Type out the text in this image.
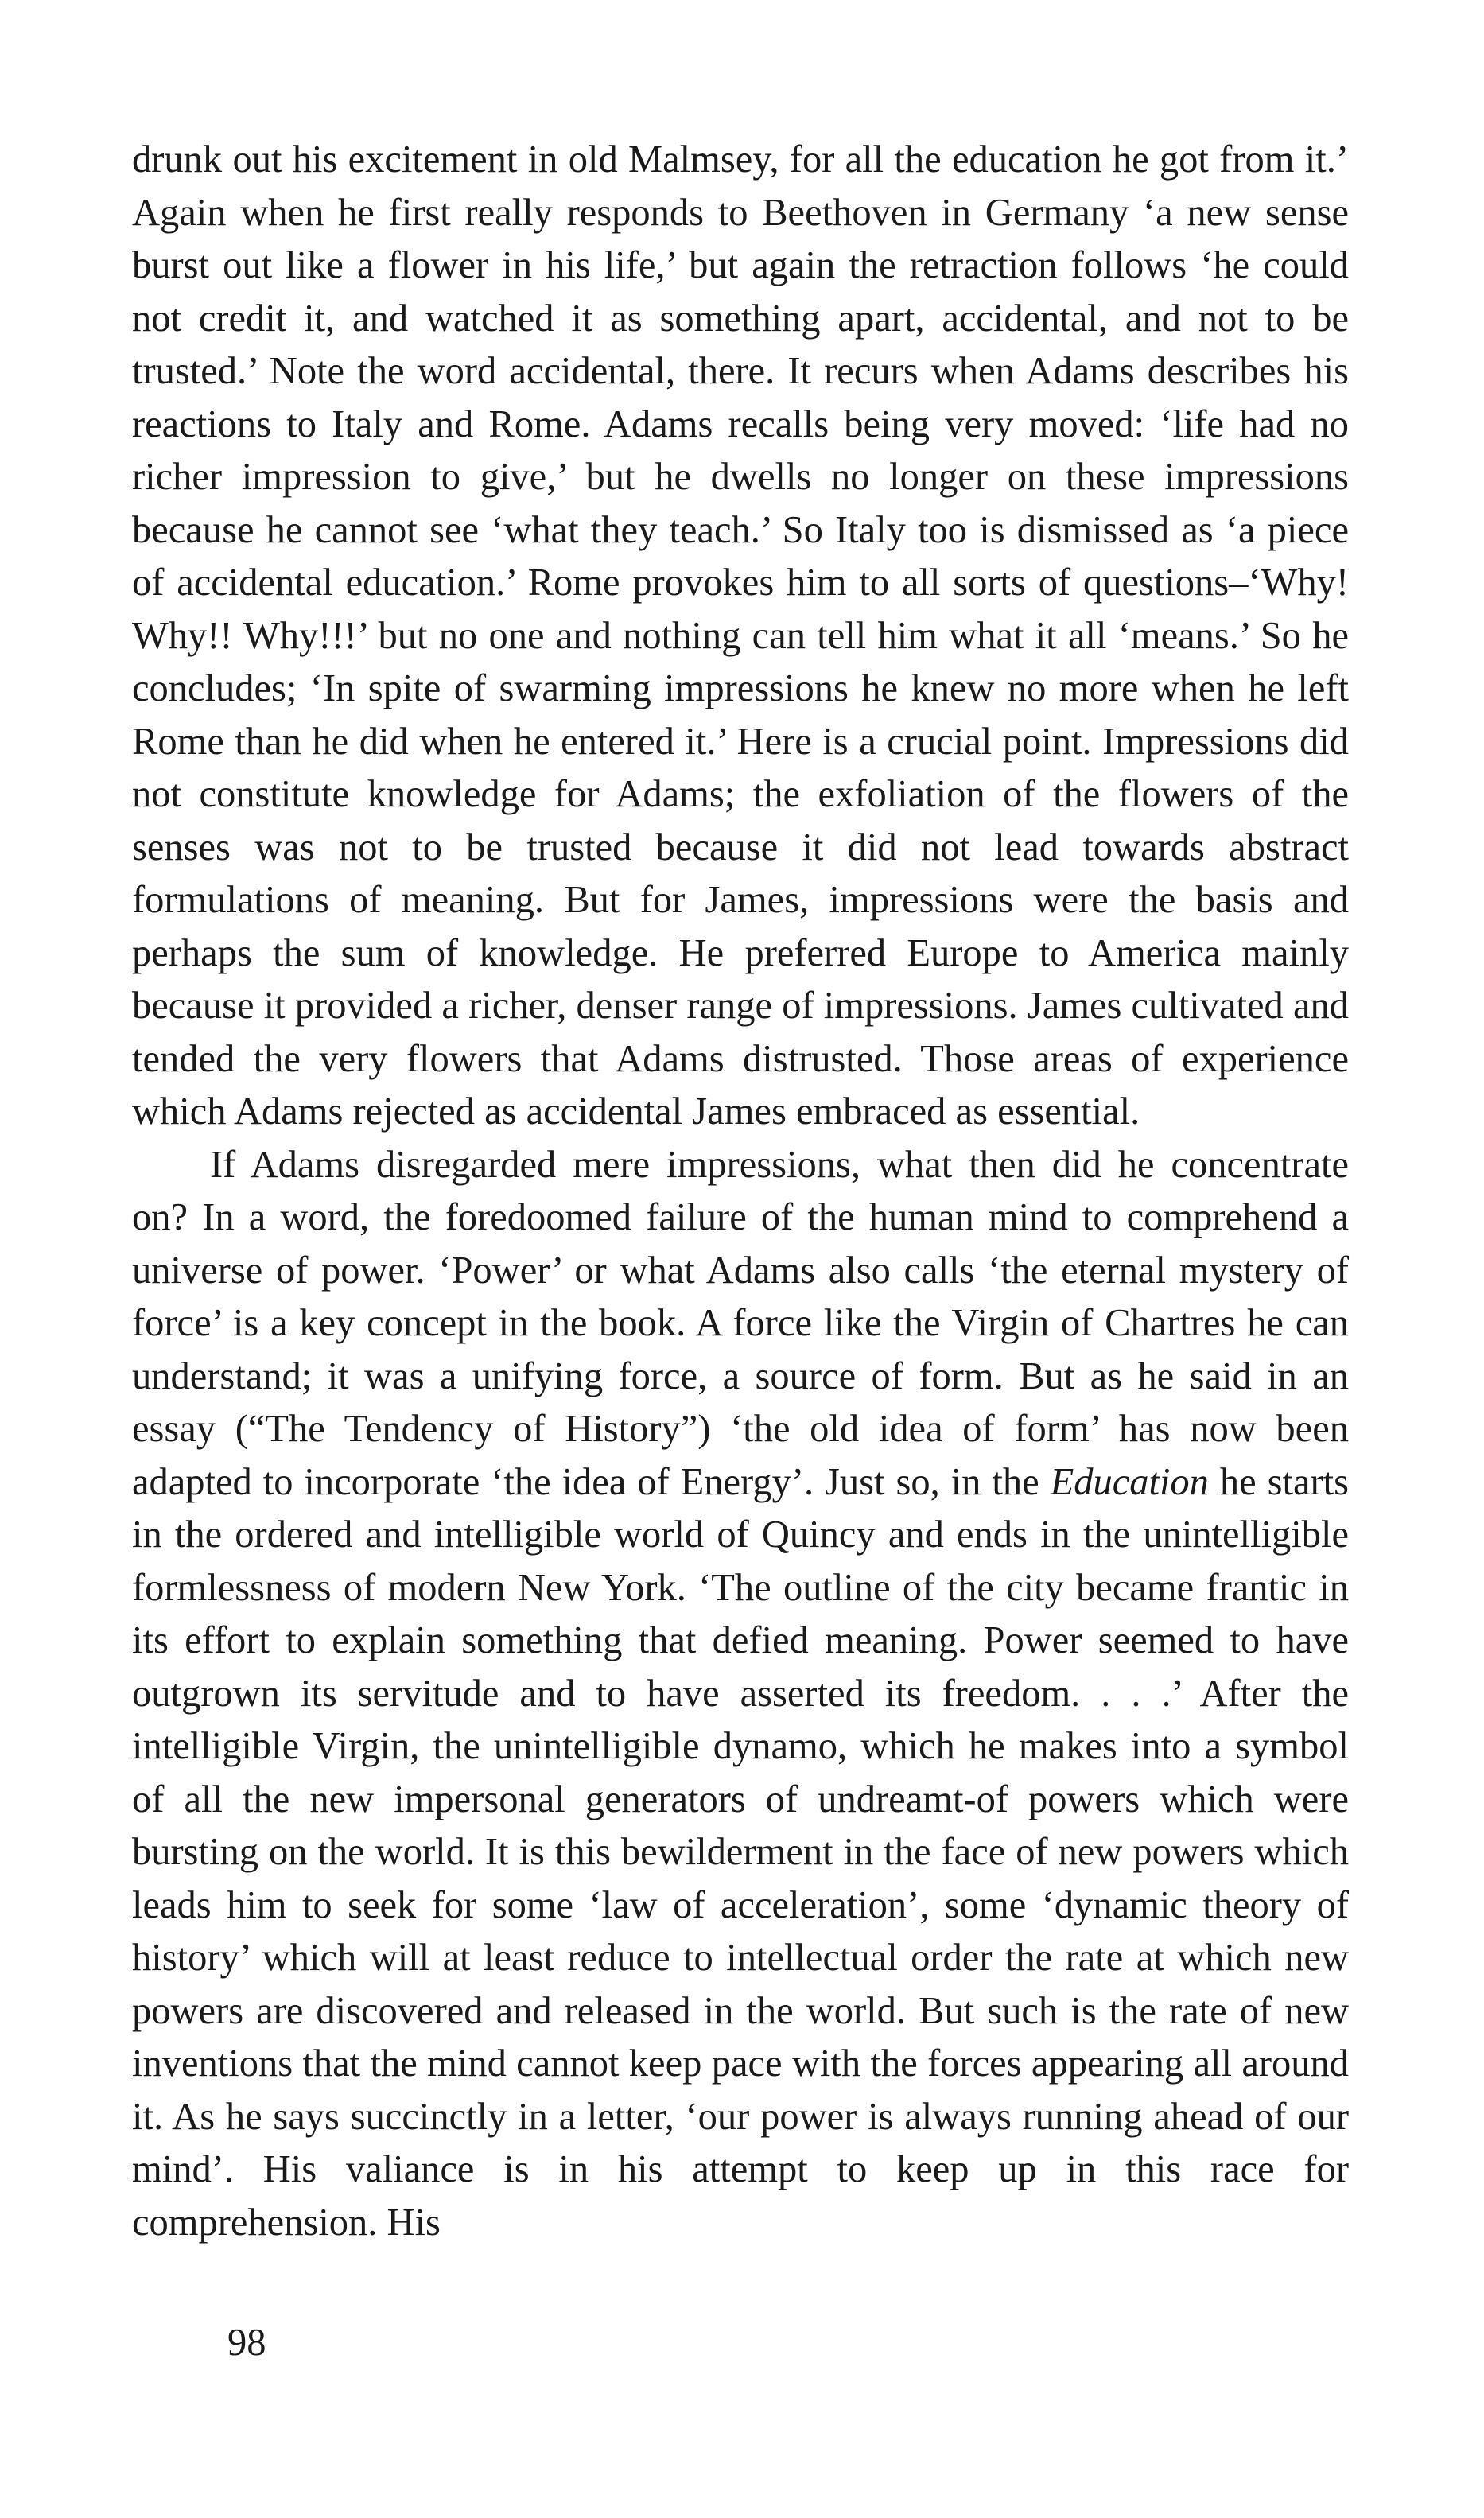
drunk out his excitement in old Malmsey, for all the education he got from it.’ Again when he first really responds to Beethoven in Germany ‘a new sense burst out like a flower in his life,’ but again the retraction follows ‘he could not credit it, and watched it as something apart, accidental, and not to be trusted.’ Note the word accidental, there. It recurs when Adams describes his reactions to Italy and Rome. Adams recalls being very moved: ‘life had no richer impression to give,’ but he dwells no longer on these impressions because he cannot see ‘what they teach.’ So Italy too is dismissed as ‘a piece of accidental education.’ Rome provokes him to all sorts of questions–‘Why! Why!! Why!!!’ but no one and nothing can tell him what it all ‘means.’ So he concludes; ‘In spite of swarming impressions he knew no more when he left Rome than he did when he entered it.’ Here is a crucial point. Impressions did not constitute knowledge for Adams; the exfoliation of the flowers of the senses was not to be trusted because it did not lead towards abstract formulations of meaning. But for James, impressions were the basis and perhaps the sum of knowledge. He preferred Europe to America mainly because it provided a richer, denser range of impressions. James cultivated and tended the very flowers that Adams distrusted. Those areas of experience which Adams rejected as accidental James embraced as essential.

If Adams disregarded mere impressions, what then did he concentrate on? In a word, the foredoomed failure of the human mind to comprehend a universe of power. ‘Power’ or what Adams also calls ‘the eternal mystery of force’ is a key concept in the book. A force like the Virgin of Chartres he can understand; it was a unifying force, a source of form. But as he said in an essay (“The Tendency of History”) ‘the old idea of form’ has now been adapted to incorporate ‘the idea of Energy’. Just so, in the Education he starts in the ordered and intelligible world of Quincy and ends in the unintelligible formlessness of modern New York. ‘The outline of the city became frantic in its effort to explain something that defied meaning. Power seemed to have outgrown its servitude and to have asserted its freedom. . . .’ After the intelligible Virgin, the unintelligible dynamo, which he makes into a symbol of all the new impersonal generators of undreamt-of powers which were bursting on the world. It is this bewilderment in the face of new powers which leads him to seek for some ‘law of acceleration’, some ‘dynamic theory of history’ which will at least reduce to intellectual order the rate at which new powers are discovered and released in the world. But such is the rate of new inventions that the mind cannot keep pace with the forces appearing all around it. As he says succinctly in a letter, ‘our power is always running ahead of our mind’. His valiance is in his attempt to keep up in this race for comprehension. His

98
